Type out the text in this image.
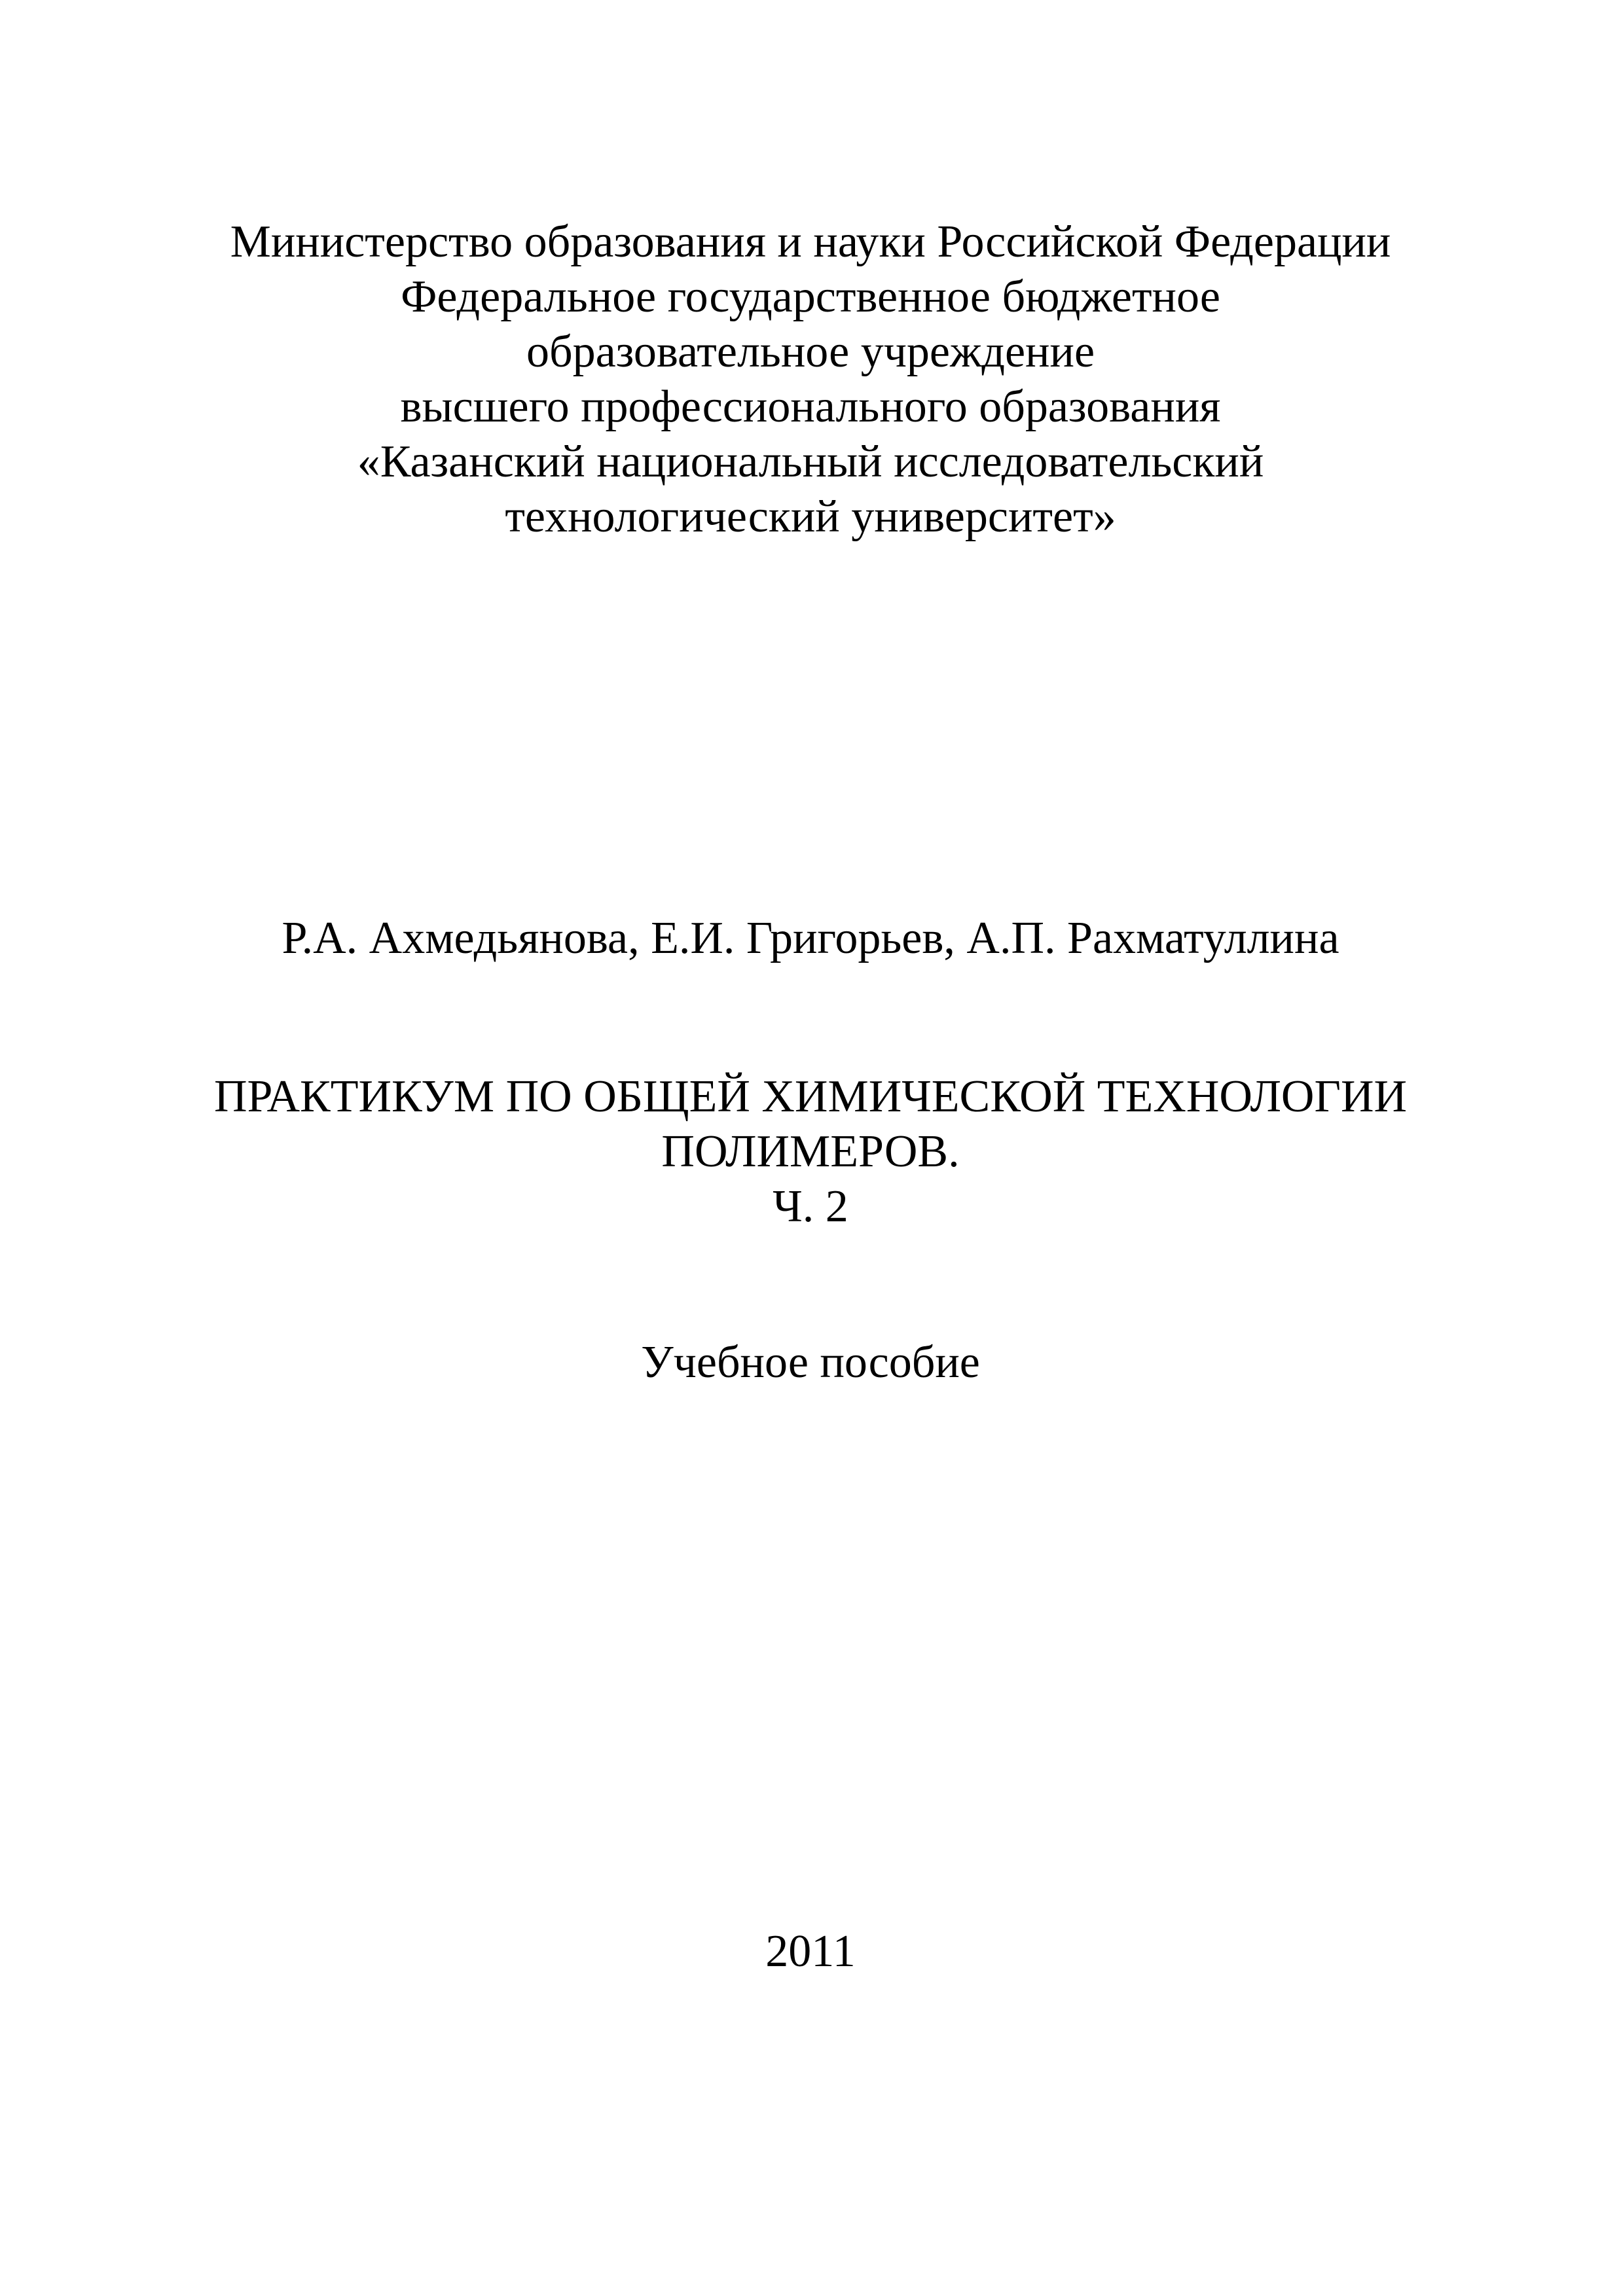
Министерство образования и науки Российской Федерации
Федеральное государственное бюджетное
образовательное учреждение
высшего профессионального образования
«Казанский национальный исследовательский
технологический университет»
Р.А. Ахмедьянова, Е.И. Григорьев, А.П. Рахматуллина
ПРАКТИКУМ ПО ОБЩЕЙ ХИМИЧЕСКОЙ ТЕХНОЛОГИИ
ПОЛИМЕРОВ.
Ч. 2
Учебное пособие
2011
